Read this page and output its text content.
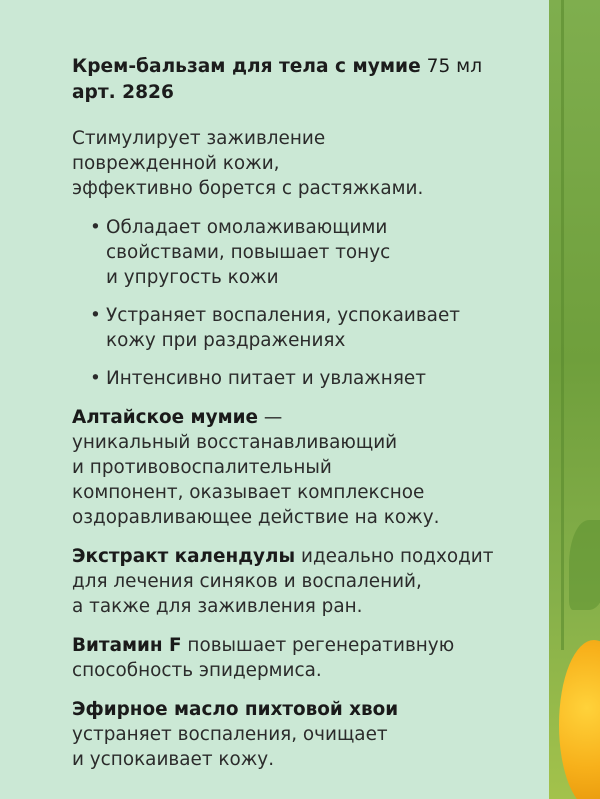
Крем-бальзам для тела с мумие 75 мл
арт. 2826

Стимулирует заживление
поврежденной кожи,
эффективно борется с растяжками.

• Обладает омолаживающими
свойствами, повышает тонус
и упругость кожи
• Устраняет воспаления, успокаивает
кожу при раздражениях
• Интенсивно питает и увлажняет

Алтайское мумие —
уникальный восстанавливающий
и противовоспалительный
компонент, оказывает комплексное
оздоравливающее действие на кожу.

Экстракт календулы идеально подходит
для лечения синяков и воспалений,
а также для заживления ран.

Витамин F повышает регенеративную
способность эпидермиса.

Эфирное масло пихтовой хвои
устраняет воспаления, очищает
и успокаивает кожу.
